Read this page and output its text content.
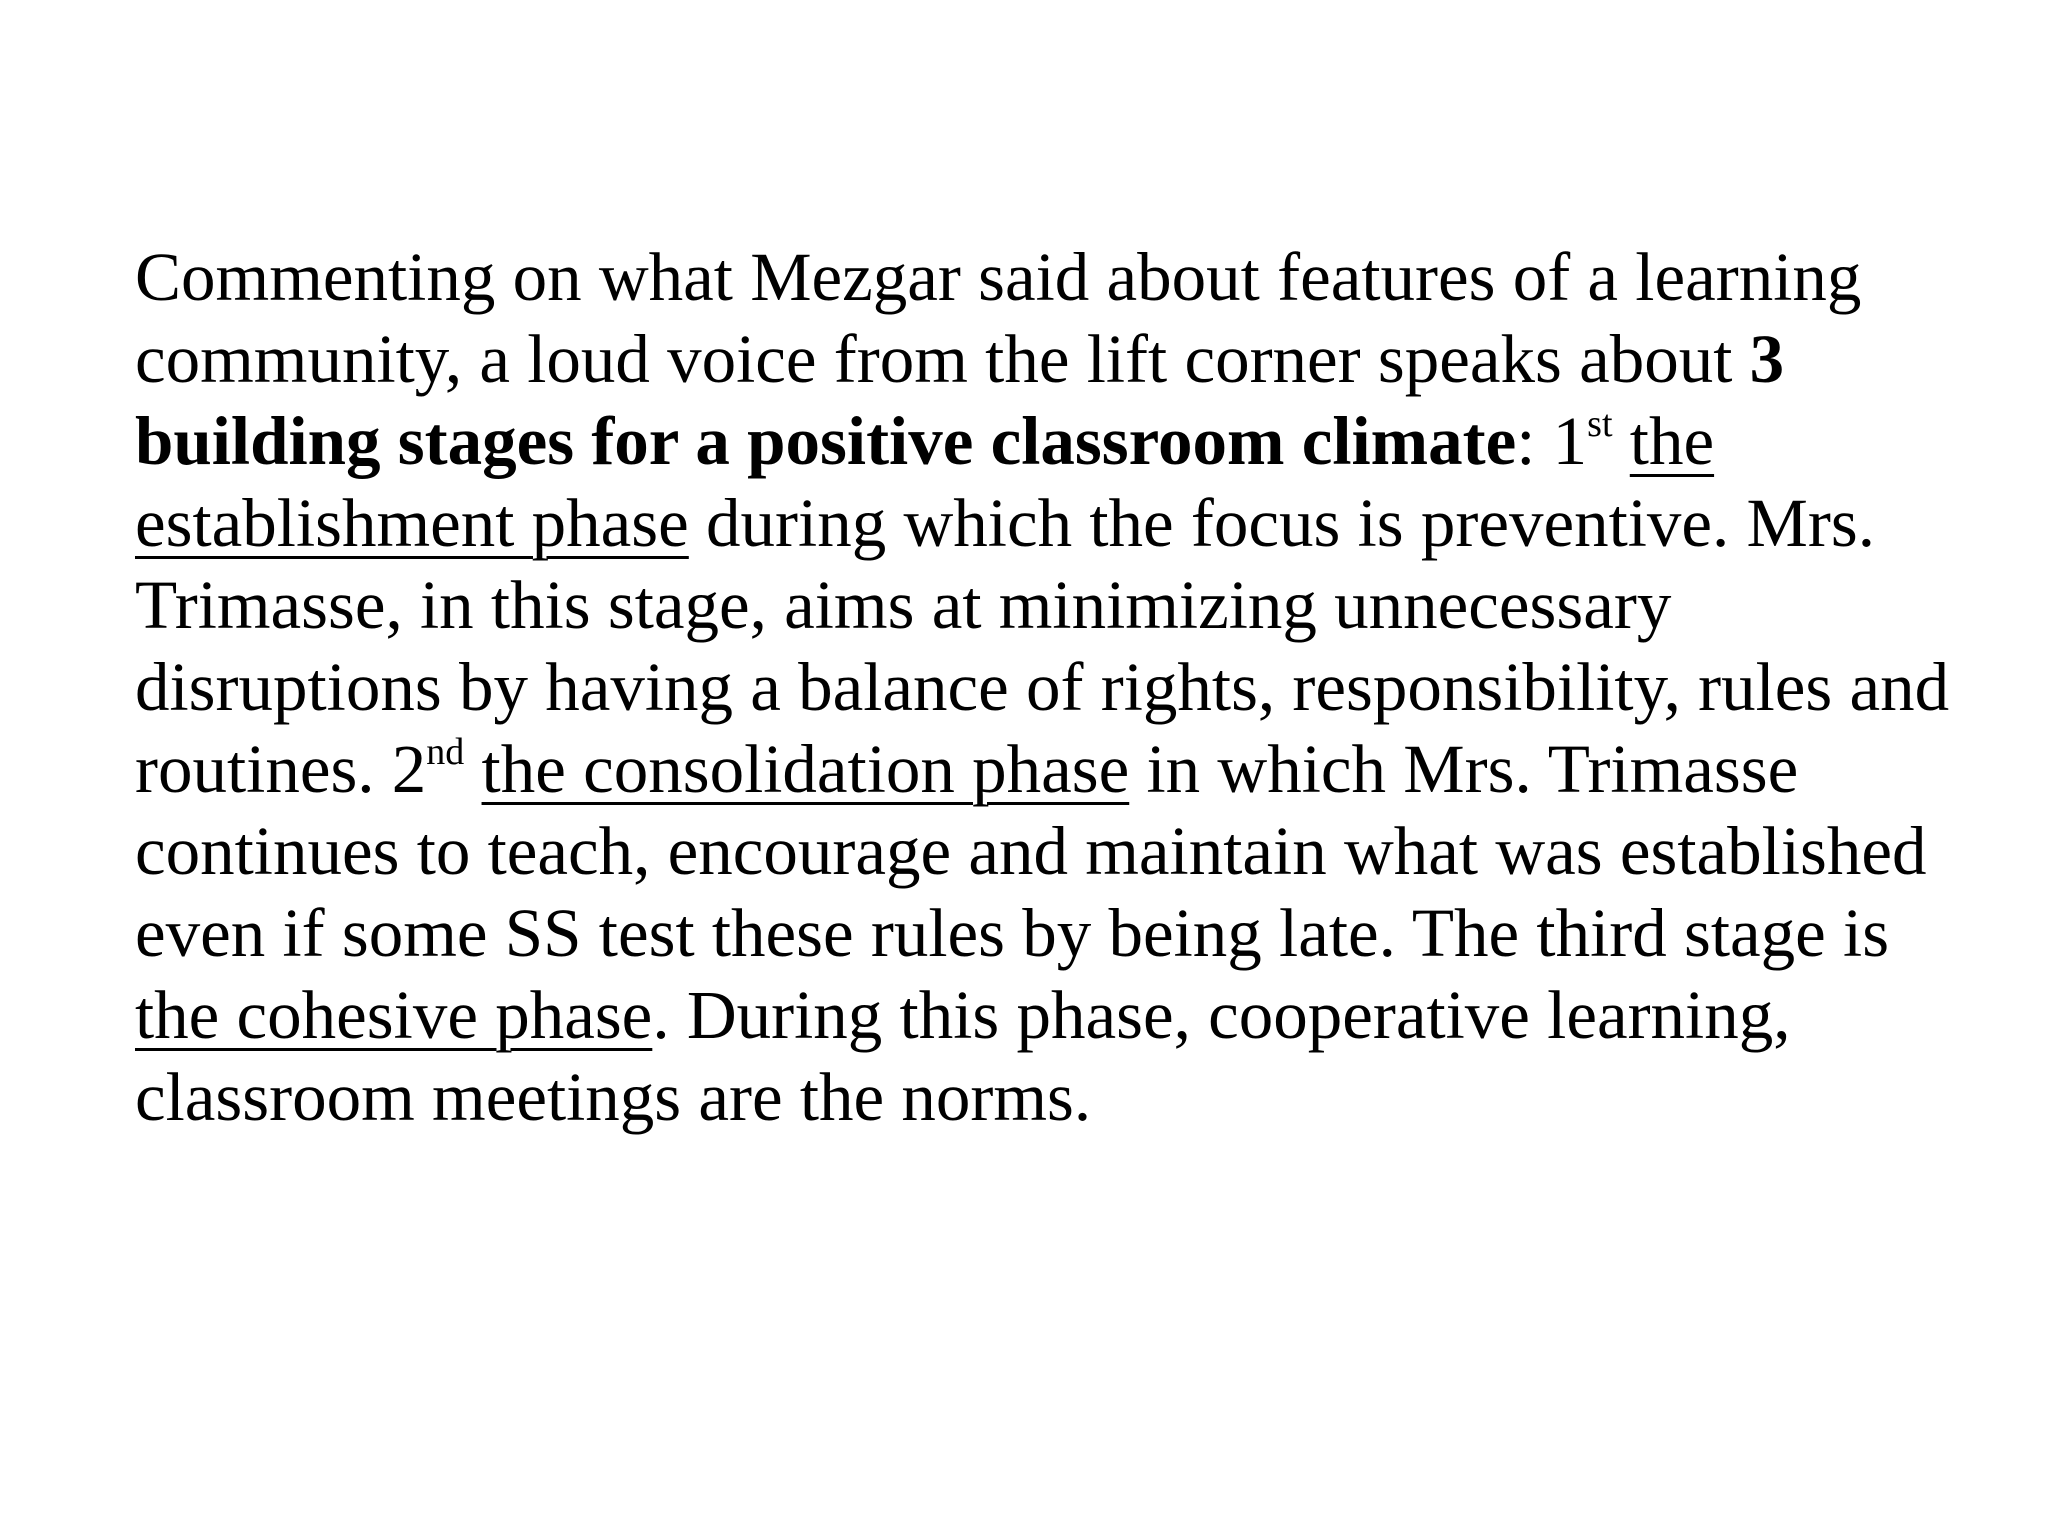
Commenting on what Mezgar said about features of a learning community, a loud voice from the lift corner speaks about 3 building stages for a positive classroom climate: 1st the establishment phase during which the focus is preventive. Mrs. Trimasse, in this stage, aims at minimizing unnecessary disruptions by having a balance of rights, responsibility, rules and routines. 2nd the consolidation phase in which Mrs. Trimasse continues to teach, encourage and maintain what was established even if some SS test these rules by being late. The third stage is the cohesive phase. During this phase, cooperative learning, classroom meetings are the norms.
